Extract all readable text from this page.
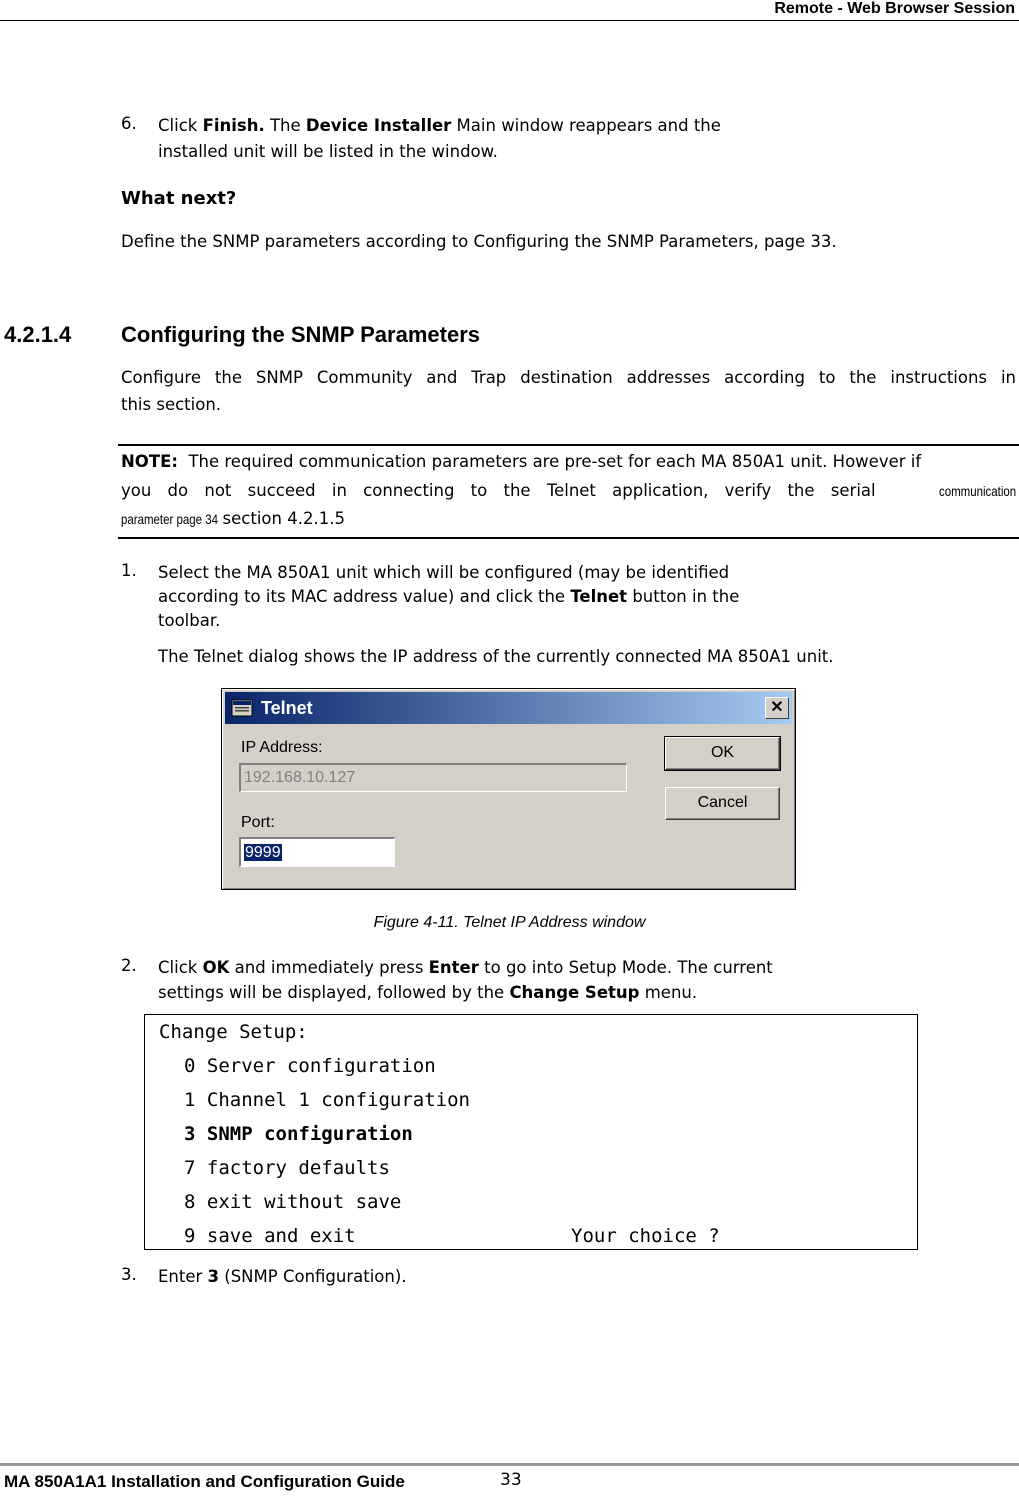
Remote - Web Browser Session
6. Click Finish. The Device Installer Main window reappears and the
installed unit will be listed in the window.
What next?
Define the SNMP parameters according to Configuring the SNMP Parameters, page 33.
4.2.1.4 Configuring the SNMP Parameters
Configure the SNMP Community and Trap destination addresses according to the instructions in
this section.
NOTE:  The required communication parameters are pre-set for each MA 850A1 unit. However if
you do not succeed in connecting to the Telnet application, verify the serial	communication
parameter page 34 section 4.2.1.5
1. Select the MA 850A1 unit which will be configured (may be identified
according to its MAC address value) and click the Telnet button in the
toolbar.
The Telnet dialog shows the IP address of the currently connected MA 850A1 unit.
Telnet	✕
IP Address:
192.168.10.127
Port:
9999
OK
Cancel
Figure 4-11. Telnet IP Address window
2. Click OK and immediately press Enter to go into Setup Mode. The current
settings will be displayed, followed by the Change Setup menu.
Change Setup:
0 Server configuration
1 Channel 1 configuration
3 SNMP configuration
7 factory defaults
8 exit without save
9 save and exit	Your choice ?
3. Enter 3 (SNMP Configuration).
MA 850A1A1 Installation and Configuration Guide	33
